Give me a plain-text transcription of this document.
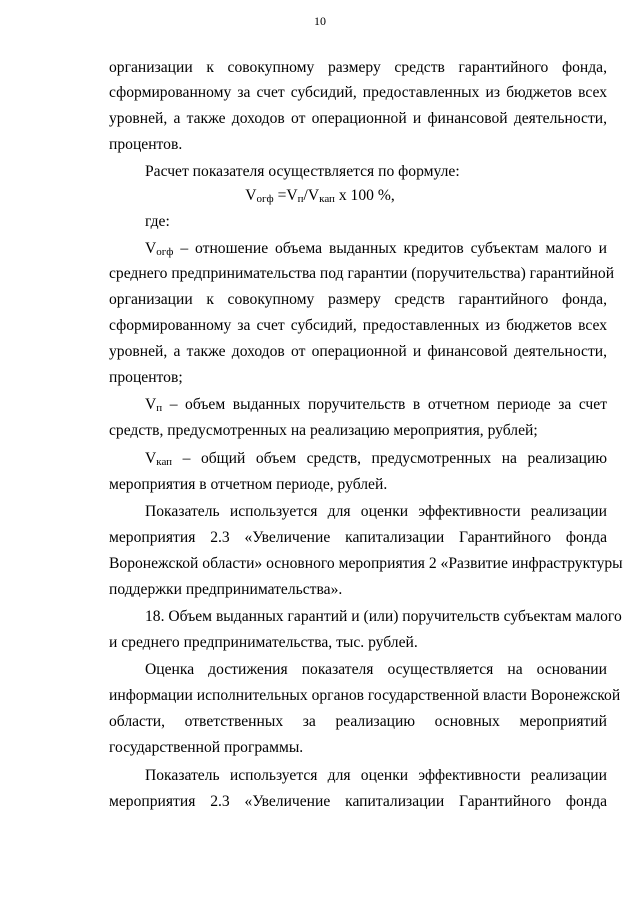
10
организации к совокупному размеру средств гарантийного фонда,
сформированному за счет субсидий, предоставленных из бюджетов всех
уровней, а также доходов от операционной и финансовой деятельности,
процентов.
Расчет показателя осуществляется по формуле:
$V_{огф} =V_п/V_{кап}$ x 100 %,
где:
$V_{огф}$ – отношение объема выданных кредитов субъектам малого и
среднего предпринимательства под гарантии (поручительства) гарантийной
организации к совокупному размеру средств гарантийного фонда,
сформированному за счет субсидий, предоставленных из бюджетов всех
уровней, а также доходов от операционной и финансовой деятельности,
процентов;
$V_п$ – объем выданных поручительств в отчетном периоде за счет
средств, предусмотренных на реализацию мероприятия, рублей;
$V_{кап}$ – общий объем средств, предусмотренных на реализацию
мероприятия в отчетном периоде, рублей.
Показатель используется для оценки эффективности реализации
мероприятия 2.3 «Увеличение капитализации Гарантийного фонда
Воронежской области» основного мероприятия 2 «Развитие инфраструктуры
поддержки предпринимательства».
18. Объем выданных гарантий и (или) поручительств субъектам малого
и среднего предпринимательства, тыс. рублей.
Оценка достижения показателя осуществляется на основании
информации исполнительных органов государственной власти Воронежской
области, ответственных за реализацию основных мероприятий
государственной программы.
Показатель используется для оценки эффективности реализации
мероприятия 2.3 «Увеличение капитализации Гарантийного фонда
